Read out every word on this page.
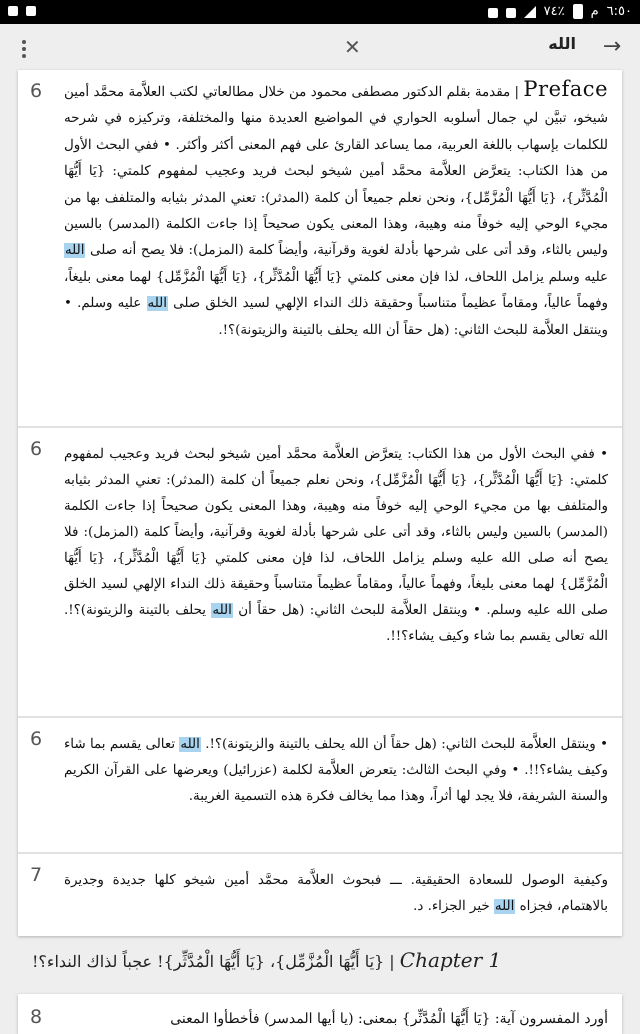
٧٤٪ م ٦:٥٠
→
الله
✕
6	Preface | مقدمة بقلم الدكتور مصطفى محمود من خلال مطالعاتي لكتب العلاَّمة محمَّد أمين شيخو، تبيَّن لي جمال أسلوبه الحواري في المواضيع العديدة منها والمختلفة، وتركيزه في شرحه للكلمات بإسهاب باللغة العربية، مما يساعد القارئ على فهم المعنى أكثر وأكثر. • ففي البحث الأول من هذا الكتاب: يتعرَّض العلاَّمة محمَّد أمين شيخو لبحث فريد وعجيب لمفهوم كلمتي: {يَا أَيُّهَا الْمُدَّثِّر}، {يَا أَيُّهَا الْمُزَّمِّل}، ونحن نعلم جميعاً أن كلمة (المدثر): تعني المدثر بثيابه والمتلفف بها من مجيء الوحي إليه خوفاً منه وهيبة، وهذا المعنى يكون صحيحاً إذا جاءت الكلمة (المدسر) بالسين وليس بالثاء، وقد أتى على شرحها بأدلة لغوية وقرآنية، وأيضاً كلمة (المزمل): فلا يصح أنه صلى الله عليه وسلم يزامل اللحاف، لذا فإن معنى كلمتي {يَا أَيُّهَا الْمُدَّثِّر}، {يَا أَيُّهَا الْمُزَّمِّل} لهما معنى بليغاً، وفهماً عالياً، ومقاماً عظيماً متناسباً وحقيقة ذلك النداء الإلهي لسيد الخلق صلى الله عليه وسلم. • وينتقل العلاَّمة للبحث الثاني: (هل حقاً أن الله يحلف بالتينة والزيتونة)؟!.
6 • ففي البحث الأول من هذا الكتاب: يتعرَّض العلاَّمة محمَّد أمين شيخو لبحث فريد وعجيب لمفهوم كلمتي: {يَا أَيُّهَا الْمُدَّثِّر}، {يَا أَيُّهَا الْمُزَّمِّل}، ونحن نعلم جميعاً أن كلمة (المدثر): تعني المدثر بثيابه والمتلفف بها من مجيء الوحي إليه خوفاً منه وهيبة، وهذا المعنى يكون صحيحاً إذا جاءت الكلمة (المدسر) بالسين وليس بالثاء، وقد أتى على شرحها بأدلة لغوية وقرآنية، وأيضاً كلمة (المزمل): فلا يصح أنه صلى الله عليه وسلم يزامل اللحاف، لذا فإن معنى كلمتي {يَا أَيُّهَا الْمُدَّثِّر}، {يَا أَيُّهَا الْمُزَّمِّل} لهما معنى بليغاً، وفهماً عالياً، ومقاماً عظيماً متناسباً وحقيقة ذلك النداء الإلهي لسيد الخلق صلى الله عليه وسلم. • وينتقل العلاَّمة للبحث الثاني: (هل حقاً أن الله يحلف بالتينة والزيتونة)؟!. الله تعالى يقسم بما شاء وكيف يشاء؟!!.
6	• وينتقل العلاَّمة للبحث الثاني: (هل حقاً أن الله يحلف بالتينة والزيتونة)؟!. الله تعالى يقسم بما شاء وكيف يشاء؟!!. • وفي البحث الثالث: يتعرض العلاَّمة لكلمة (عزرائيل) ويعرضها على القرآن الكريم والسنة الشريفة، فلا يجد لها أثراً، وهذا مما يخالف فكرة هذه التسمية الغريبة.
7 وكيفية الوصول للسعادة الحقيقية. ـــ فبحوث العلاَّمة محمَّد أمين شيخو كلها جديدة وجديرة بالاهتمام، فجزاه الله خير الجزاء. د.
Chapter 1 | {يَا أَيُّهَا الْمُزَّمِّل}، {يَا أَيُّهَا الْمُدَّثِّر}! عجباً لذاك النداء؟!
8	أورد المفسرون آية: {يَا أَيُّهَا الْمُدَّثِّر} بمعنى: (يا أيها المدسر) فأخطأوا المعنى
